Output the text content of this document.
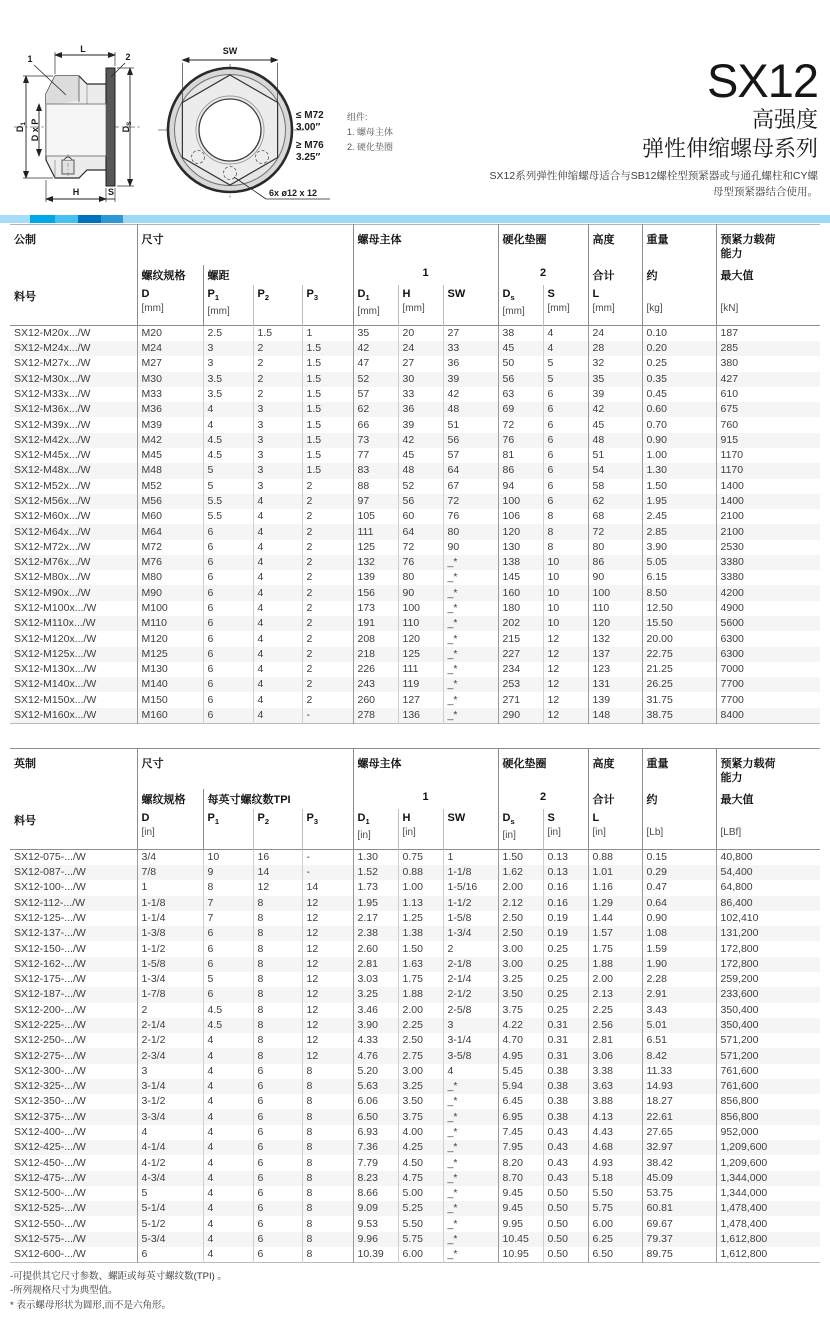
L
1	2
$D_1$ D x P	$D_S$
H	S
SW
≤ M72
3.00″
≥ M76
3.25″
6x ø12 x 12
组件:
1. 螺母主体
2. 硬化垫圈
SX12
高强度
弹性伸缩螺母系列
SX12系列弹性伸缩螺母适合与SB12螺栓型预紧器或与通孔螺柱和CY螺母型预紧器结合使用。
公制	尺寸				螺母主体			硬化垫圈		高度	重量	预紧力载荷
能力
	螺纹规格	螺距			1			2		合计	约	最大值
料号	D
[mm]

$P_1$
[mm]

$P_2$	$P_3$	$D_1$
[mm]

H
[mm]

SW	$D_s$
[mm]

S
[mm]

L
[mm]	[kg]	[kN]

SX12-M20x.../W	M20	2.5	1.5	1	35	20	27	38	4	24	0.10	187
SX12-M24x.../W	M24	3	2	1.5	42	24	33	45	4	28	0.20	285
SX12-M27x.../W	M27	3	2	1.5	47	27	36	50	5	32	0.25	380
SX12-M30x.../W	M30	3.5	2	1.5	52	30	39	56	5	35	0.35	427
SX12-M33x.../W	M33	3.5	2	1.5	57	33	42	63	6	39	0.45	610
SX12-M36x.../W	M36	4	3	1.5	62	36	48	69	6	42	0.60	675
SX12-M39x.../W	M39	4	3	1.5	66	39	51	72	6	45	0.70	760
SX12-M42x.../W	M42	4.5	3	1.5	73	42	56	76	6	48	0.90	915
SX12-M45x.../W	M45	4.5	3	1.5	77	45	57	81	6	51	1.00	1170
SX12-M48x.../W	M48	5	3	1.5	83	48	64	86	6	54	1.30	1170
SX12-M52x.../W	M52	5	3	2	88	52	67	94	6	58	1.50	1400
SX12-M56x.../W	M56	5.5	4	2	97	56	72	100	6	62	1.95	1400
SX12-M60x.../W	M60	5.5	4	2	105	60	76	106	8	68	2.45	2100
SX12-M64x.../W	M64	6	4	2	111	64	80	120	8	72	2.85	2100
SX12-M72x.../W	M72	6	4	2	125	72	90	130	8	80	3.90	2530
SX12-M76x.../W	M76	6	4	2	132	76	_*	138	10	86	5.05	3380
SX12-M80x.../W	M80	6	4	2	139	80	_*	145	10	90	6.15	3380
SX12-M90x.../W	M90	6	4	2	156	90	_*	160	10	100	8.50	4200
SX12-M100x.../W	M100	6	4	2	173	100	_*	180	10	110	12.50	4900
SX12-M110x.../W	M110	6	4	2	191	110	_*	202	10	120	15.50	5600
SX12-M120x.../W	M120	6	4	2	208	120	_*	215	12	132	20.00	6300
SX12-M125x.../W	M125	6	4	2	218	125	_*	227	12	137	22.75	6300
SX12-M130x.../W	M130	6	4	2	226	111	_*	234	12	123	21.25	7000
SX12-M140x.../W	M140	6	4	2	243	119	_*	253	12	131	26.25	7700
SX12-M150x.../W	M150	6	4	2	260	127	_*	271	12	139	31.75	7700
SX12-M160x.../W	M160	6	4	-	278	136	_*	290	12	148	38.75	8400
英制	尺寸				螺母主体			硬化垫圈		高度	重量	预紧力载荷
能力
	螺纹规格	每英寸螺纹数TPI			1			2		合计	约	最大值
料号	D
[in]

$P_1$	$P_2$	$P_3$	$D_1$
[in]

H
[in]

SW	$D_s$
[in]

S
[in]

L
[in]	[Lb]	[LBf]

SX12-075-.../W	3/4	10	16	-	1.30	0.75	1	1.50	0.13	0.88	0.15	40,800
SX12-087-.../W	7/8	9	14	-	1.52	0.88	1-1/8	1.62	0.13	1.01	0.29	54,400
SX12-100-.../W	1	8	12	14	1.73	1.00	1-5/16	2.00	0.16	1.16	0.47	64,800
SX12-112-.../W	1-1/8	7	8	12	1.95	1.13	1-1/2	2.12	0.16	1.29	0.64	86,400
SX12-125-.../W	1-1/4	7	8	12	2.17	1.25	1-5/8	2.50	0.19	1.44	0.90	102,410
SX12-137-.../W	1-3/8	6	8	12	2.38	1.38	1-3/4	2.50	0.19	1.57	1.08	131,200
SX12-150-.../W	1-1/2	6	8	12	2.60	1.50	2	3.00	0.25	1.75	1.59	172,800
SX12-162-.../W	1-5/8	6	8	12	2.81	1.63	2-1/8	3.00	0.25	1.88	1.90	172,800
SX12-175-.../W	1-3/4	5	8	12	3.03	1.75	2-1/4	3.25	0.25	2.00	2.28	259,200
SX12-187-.../W	1-7/8	6	8	12	3.25	1.88	2-1/2	3.50	0.25	2.13	2.91	233,600
SX12-200-.../W	2	4.5	8	12	3.46	2.00	2-5/8	3.75	0.25	2.25	3.43	350,400
SX12-225-.../W	2-1/4	4.5	8	12	3.90	2.25	3	4.22	0.31	2.56	5.01	350,400
SX12-250-.../W	2-1/2	4	8	12	4.33	2.50	3-1/4	4.70	0.31	2.81	6.51	571,200
SX12-275-.../W	2-3/4	4	8	12	4.76	2.75	3-5/8	4.95	0.31	3.06	8.42	571,200
SX12-300-.../W	3	4	6	8	5.20	3.00	4	5.45	0.38	3.38	11.33	761,600
SX12-325-.../W	3-1/4	4	6	8	5.63	3.25	_*	5.94	0.38	3.63	14.93	761,600
SX12-350-.../W	3-1/2	4	6	8	6.06	3.50	_*	6.45	0.38	3.88	18.27	856,800
SX12-375-.../W	3-3/4	4	6	8	6.50	3.75	_*	6.95	0.38	4.13	22.61	856,800
SX12-400-.../W	4	4	6	8	6.93	4.00	_*	7.45	0.43	4.43	27.65	952,000
SX12-425-.../W	4-1/4	4	6	8	7.36	4.25	_*	7.95	0.43	4.68	32.97	1,209,600
SX12-450-.../W	4-1/2	4	6	8	7.79	4.50	_*	8.20	0.43	4.93	38.42	1,209,600
SX12-475-.../W	4-3/4	4	6	8	8.23	4.75	_*	8.70	0.43	5.18	45.09	1,344,000
SX12-500-.../W	5	4	6	8	8.66	5.00	_*	9.45	0.50	5.50	53.75	1,344,000
SX12-525-.../W	5-1/4	4	6	8	9.09	5.25	_*	9.45	0.50	5.75	60.81	1,478,400
SX12-550-.../W	5-1/2	4	6	8	9.53	5.50	_*	9.95	0.50	6.00	69.67	1,478,400
SX12-575-.../W	5-3/4	4	6	8	9.96	5.75	_*	10.45	0.50	6.25	79.37	1,612,800
SX12-600-.../W	6	4	6	8	10.39	6.00	_*	10.95	0.50	6.50	89.75	1,612,800
-可提供其它尺寸参数、螺距或每英寸螺纹数(TPI) 。
-所列规格尺寸为典型值。
* 表示螺母形状为圆形,而不是六角形。
